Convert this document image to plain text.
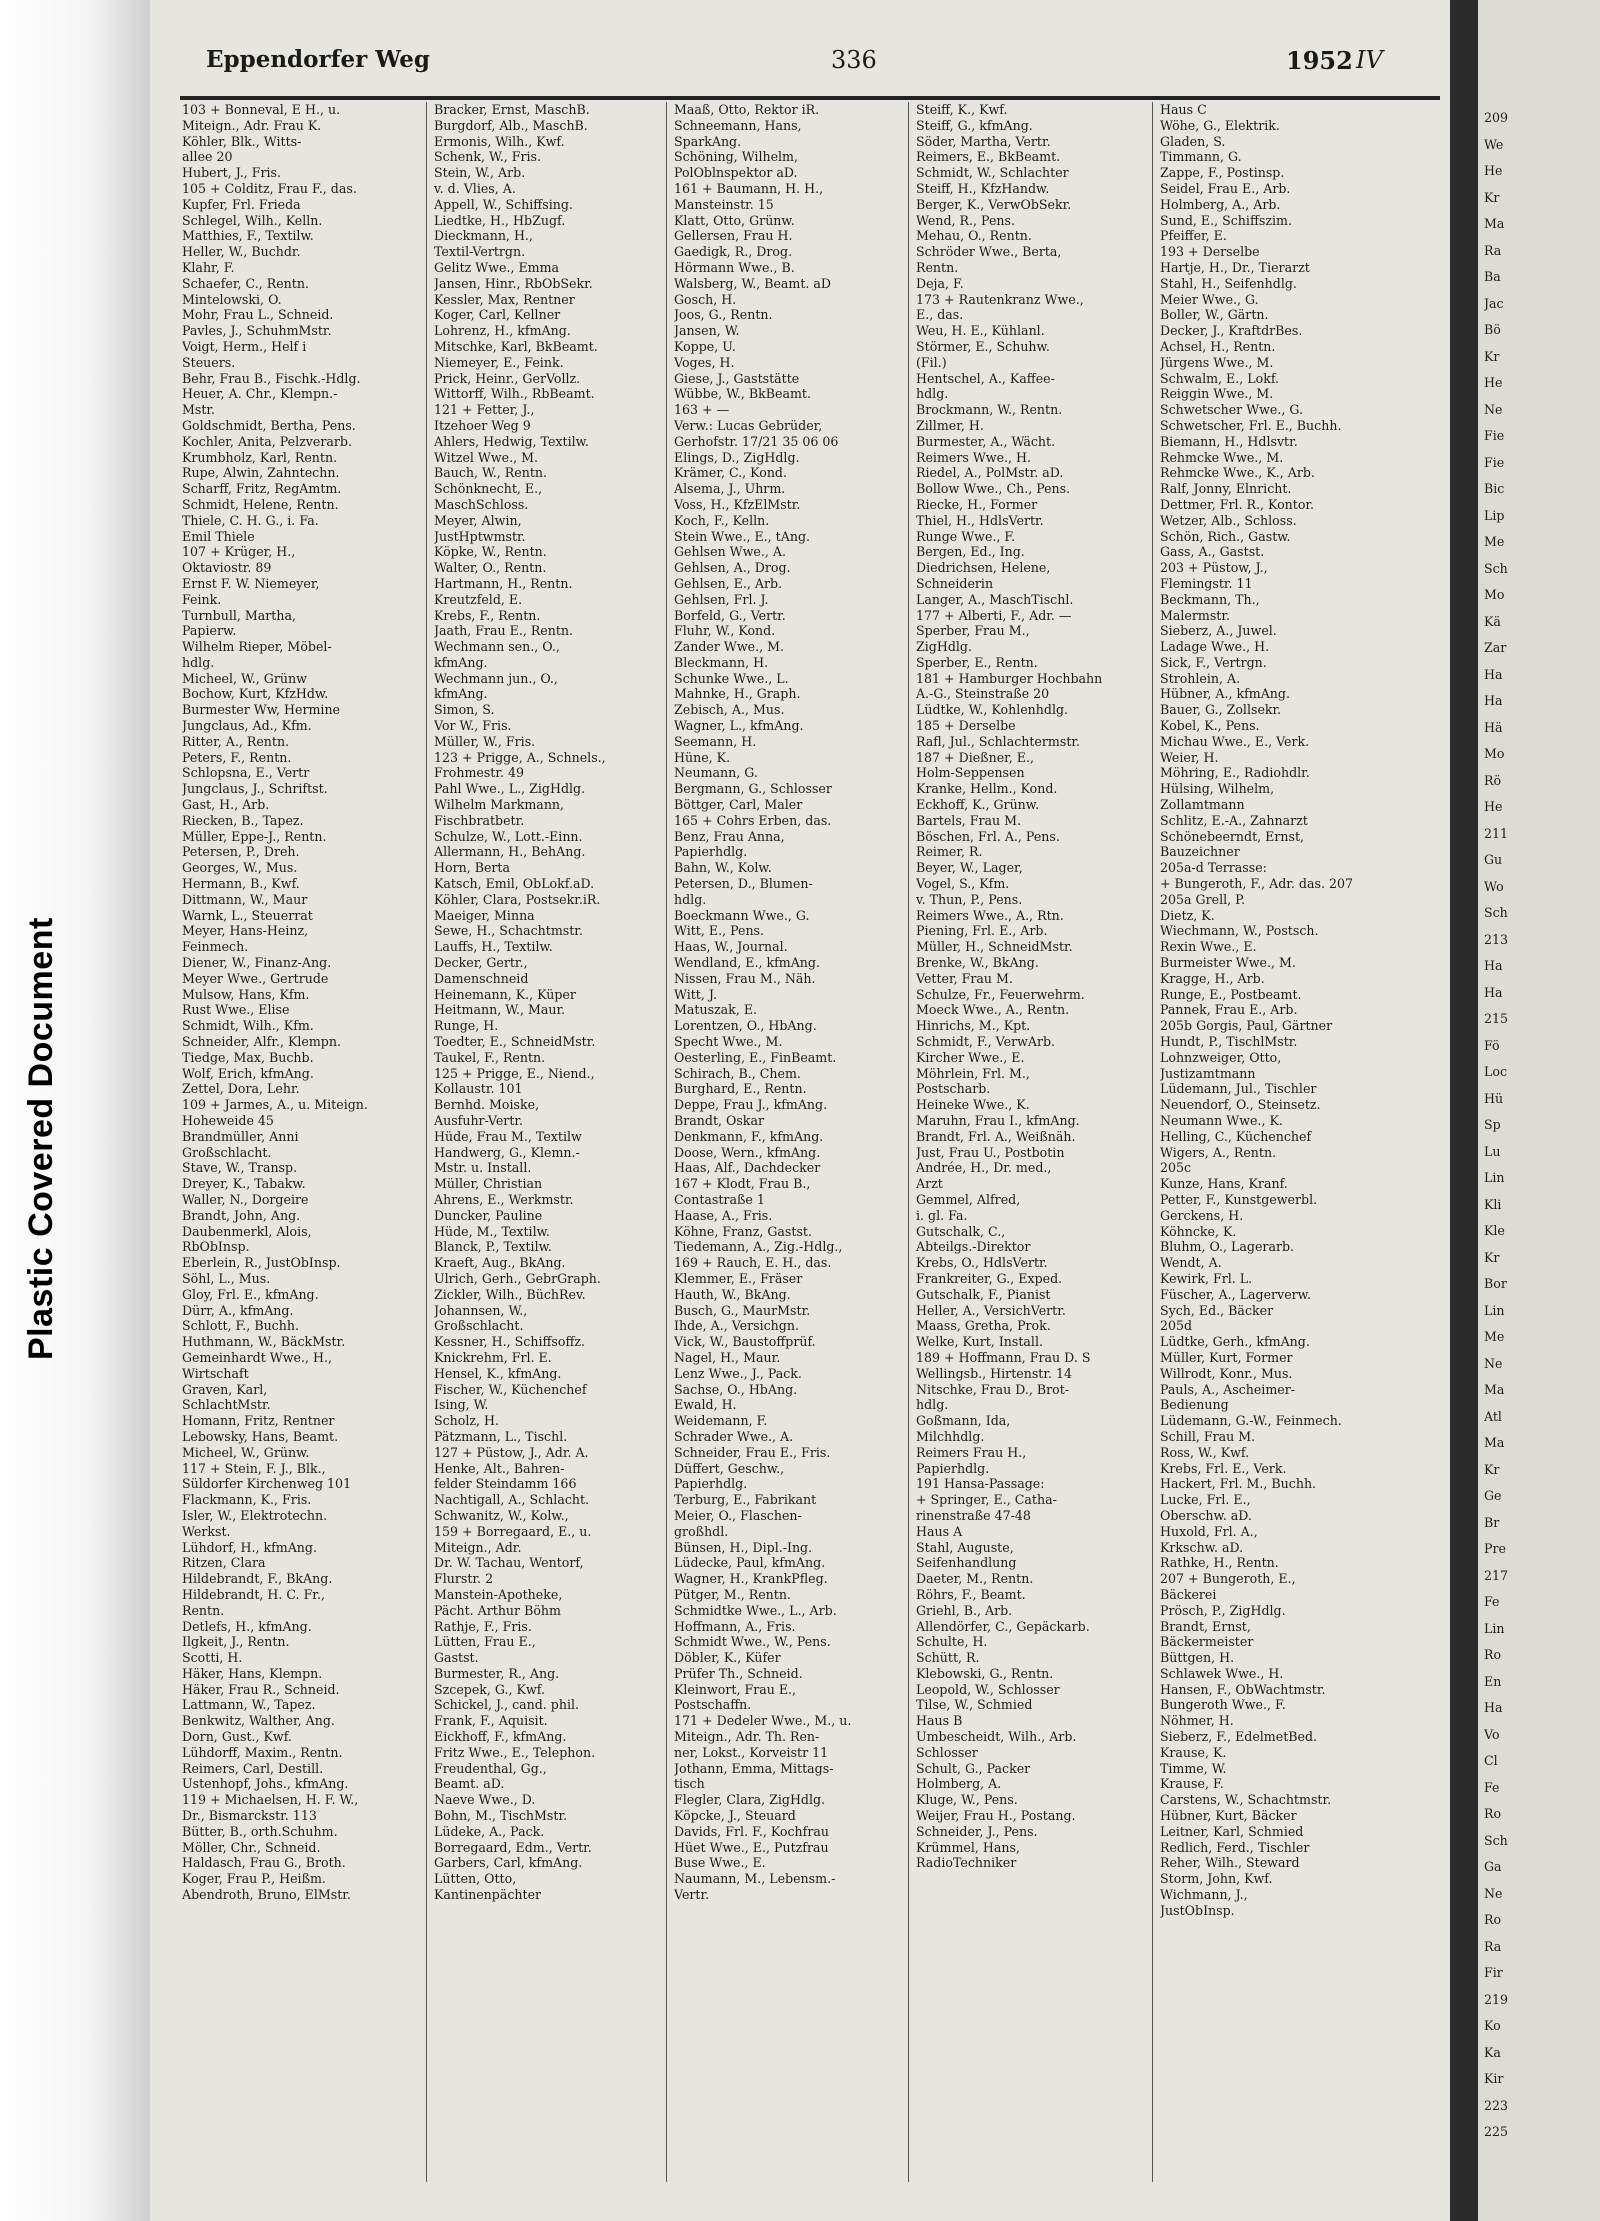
Plastic Covered Document
Eppendorfer Weg	336	1952 IV
103 + Bonneval, E H., u.
Miteign., Adr. Frau K.
Köhler, Blk., Witts-
allee 20
Hubert, J., Fris.
105 + Colditz, Frau F., das.
Kupfer, Frl. Frieda
Schlegel, Wilh., Kelln.
Matthies, F., Textilw.
Heller, W., Buchdr.
Klahr, F.
Schaefer, C., Rentn.
Mintelowski, O.
Mohr, Frau L., Schneid.
Pavles, J., SchuhmMstr.
Voigt, Herm., Helf i
Steuers.
Behr, Frau B., Fischk.-Hdlg.
Heuer, A. Chr., Klempn.-
Mstr.
Goldschmidt, Bertha, Pens.
Kochler, Anita, Pelzverarb.
Krumbholz, Karl, Rentn.
Rupe, Alwin, Zahntechn.
Scharff, Fritz, RegAmtm.
Schmidt, Helene, Rentn.
Thiele, C. H. G., i. Fa.
Emil Thiele
107 + Krüger, H.,
Oktaviostr. 89
Ernst F. W. Niemeyer,
Feink.
Turnbull, Martha,
Papierw.
Wilhelm Rieper, Möbel-
hdlg.
Micheel, W., Grünw
Bochow, Kurt, KfzHdw.
Burmester Ww, Hermine
Jungclaus, Ad., Kfm.
Ritter, A., Rentn.
Peters, F., Rentn.
Schlopsna, E., Vertr
Jungclaus, J., Schriftst.
Gast, H., Arb.
Riecken, B., Tapez.
Müller, Eppe-J., Rentn.
Petersen, P., Dreh.
Georges, W., Mus.
Hermann, B., Kwf.
Dittmann, W., Maur
Warnk, L., Steuerrat
Meyer, Hans-Heinz,
Feinmech.
Diener, W., Finanz-Ang.
Meyer Wwe., Gertrude
Mulsow, Hans, Kfm.
Rust Wwe., Elise
Schmidt, Wilh., Kfm.
Schneider, Alfr., Klempn.
Tiedge, Max, Buchb.
Wolf, Erich, kfmAng.
Zettel, Dora, Lehr.
109 + Jarmes, A., u. Miteign.
Hoheweide 45
Brandmüller, Anni
Großschlacht.
Stave, W., Transp.
Dreyer, K., Tabakw.
Waller, N., Dorgeire
Brandt, John, Ang.
Daubenmerkl, Alois,
RbObInsp.
Eberlein, R., JustObInsp.
Söhl, L., Mus.
Gloy, Frl. E., kfmAng.
Dürr, A., kfmAng.
Schlott, F., Buchh.
Huthmann, W., BäckMstr.
Gemeinhardt Wwe., H.,
Wirtschaft
Graven, Karl,
SchlachtMstr.
Homann, Fritz, Rentner
Lebowsky, Hans, Beamt.
Micheel, W., Grünw.
117 + Stein, F. J., Blk.,
Süldorfer Kirchenweg 101
Flackmann, K., Fris.
Isler, W., Elektrotechn.
Werkst.
Lühdorf, H., kfmAng.
Ritzen, Clara
Hildebrandt, F., BkAng.
Hildebrandt, H. C. Fr.,
Rentn.
Detlefs, H., kfmAng.
Ilgkeit, J., Rentn.
Scotti, H.
Häker, Hans, Klempn.
Häker, Frau R., Schneid.
Lattmann, W., Tapez.
Benkwitz, Walther, Ang.
Dorn, Gust., Kwf.
Lühdorff, Maxim., Rentn.
Reimers, Carl, Destill.
Ustenhopf, Johs., kfmAng.
119 + Michaelsen, H. F. W.,
Dr., Bismarckstr. 113
Bütter, B., orth.Schuhm.
Möller, Chr., Schneid.
Haldasch, Frau G., Broth.
Koger, Frau P., Heißm.
Abendroth, Bruno, ElMstr.
Bracker, Ernst, MaschB.
Burgdorf, Alb., MaschB.
Ermonis, Wilh., Kwf.
Schenk, W., Fris.
Stein, W., Arb.
v. d. Vlies, A.
Appell, W., Schiffsing.
Liedtke, H., HbZugf.
Dieckmann, H.,
Textil-Vertrgn.
Gelitz Wwe., Emma
Jansen, Hinr., RbObSekr.
Kessler, Max, Rentner
Koger, Carl, Kellner
Lohrenz, H., kfmAng.
Mitschke, Karl, BkBeamt.
Niemeyer, E., Feink.
Prick, Heinr., GerVollz.
Wittorff, Wilh., RbBeamt.
121 + Fetter, J.,
Itzehoer Weg 9
Ahlers, Hedwig, Textilw.
Witzel Wwe., M.
Bauch, W., Rentn.
Schönknecht, E.,
MaschSchloss.
Meyer, Alwin,
JustHptwmstr.
Köpke, W., Rentn.
Walter, O., Rentn.
Hartmann, H., Rentn.
Kreutzfeld, E.
Krebs, F., Rentn.
Jaath, Frau E., Rentn.
Wechmann sen., O.,
kfmAng.
Wechmann jun., O.,
kfmAng.
Simon, S.
Vor W., Fris.
Müller, W., Fris.
123 + Prigge, A., Schnels.,
Frohmestr. 49
Pahl Wwe., L., ZigHdlg.
Wilhelm Markmann,
Fischbratbetr.
Schulze, W., Lott.-Einn.
Allermann, H., BehAng.
Horn, Berta
Katsch, Emil, ObLokf.aD.
Köhler, Clara, Postsekr.iR.
Maeiger, Minna
Sewe, H., Schachtmstr.
Lauffs, H., Textilw.
Decker, Gertr.,
Damenschneid
Heinemann, K., Küper
Heitmann, W., Maur.
Runge, H.
Toedter, E., SchneidMstr.
Taukel, F., Rentn.
125 + Prigge, E., Niend.,
Kollaustr. 101
Bernhd. Moiske,
Ausfuhr-Vertr.
Hüde, Frau M., Textilw
Handwerg, G., Klemn.-
Mstr. u. Install.
Müller, Christian
Ahrens, E., Werkmstr.
Duncker, Pauline
Hüde, M., Textilw.
Blanck, P., Textilw.
Kraeft, Aug., BkAng.
Ulrich, Gerh., GebrGraph.
Zickler, Wilh., BüchRev.
Johannsen, W.,
Großschlacht.
Kessner, H., Schiffsoffz.
Knickrehm, Frl. E.
Hensel, K., kfmAng.
Fischer, W., Küchenchef
Ising, W.
Scholz, H.
Pätzmann, L., Tischl.
127 + Püstow, J., Adr. A.
Henke, Alt., Bahren-
felder Steindamm 166
Nachtigall, A., Schlacht.
Schwanitz, W., Kolw.,
159 + Borregaard, E., u.
Miteign., Adr.
Dr. W. Tachau, Wentorf,
Flurstr. 2
Manstein-Apotheke,
Pächt. Arthur Böhm
Rathje, F., Fris.
Lütten, Frau E.,
Gastst.
Burmester, R., Ang.
Szcepek, G., Kwf.
Schickel, J., cand. phil.
Frank, F., Aquisit.
Eickhoff, F., kfmAng.
Fritz Wwe., E., Telephon.
Freudenthal, Gg.,
Beamt. aD.
Naeve Wwe., D.
Bohn, M., TischMstr.
Lüdeke, A., Pack.
Borregaard, Edm., Vertr.
Garbers, Carl, kfmAng.
Lütten, Otto,
Kantinenpächter
Maaß, Otto, Rektor iR.
Schneemann, Hans,
SparkAng.
Schöning, Wilhelm,
PolOblnspektor aD.
161 + Baumann, H. H.,
Mansteinstr. 15
Klatt, Otto, Grünw.
Gellersen, Frau H.
Gaedigk, R., Drog.
Hörmann Wwe., B.
Walsberg, W., Beamt. aD
Gosch, H.
Joos, G., Rentn.
Jansen, W.
Koppe, U.
Voges, H.
Giese, J., Gaststätte
Wübbe, W., BkBeamt.
163 + —
Verw.: Lucas Gebrüder,
Gerhofstr. 17/21 35 06 06
Elings, D., ZigHdlg.
Krämer, C., Kond.
Alsema, J., Uhrm.
Voss, H., KfzElMstr.
Koch, F., Kelln.
Stein Wwe., E., tAng.
Gehlsen Wwe., A.
Gehlsen, A., Drog.
Gehlsen, E., Arb.
Gehlsen, Frl. J.
Borfeld, G., Vertr.
Fluhr, W., Kond.
Zander Wwe., M.
Bleckmann, H.
Schunke Wwe., L.
Mahnke, H., Graph.
Zebisch, A., Mus.
Wagner, L., kfmAng.
Seemann, H.
Hüne, K.
Neumann, G.
Bergmann, G., Schlosser
Böttger, Carl, Maler
165 + Cohrs Erben, das.
Benz, Frau Anna,
Papierhdlg.
Bahn, W., Kolw.
Petersen, D., Blumen-
hdlg.
Boeckmann Wwe., G.
Witt, E., Pens.
Haas, W., Journal.
Wendland, E., kfmAng.
Nissen, Frau M., Näh.
Witt, J.
Matuszak, E.
Lorentzen, O., HbAng.
Specht Wwe., M.
Oesterling, E., FinBeamt.
Schirach, B., Chem.
Burghard, E., Rentn.
Deppe, Frau J., kfmAng.
Brandt, Oskar
Denkmann, F., kfmAng.
Doose, Wern., kfmAng.
Haas, Alf., Dachdecker
167 + Klodt, Frau B.,
Contastraße 1
Haase, A., Fris.
Köhne, Franz, Gastst.
Tiedemann, A., Zig.-Hdlg.,
169 + Rauch, E. H., das.
Klemmer, E., Fräser
Hauth, W., BkAng.
Busch, G., MaurMstr.
Ihde, A., Versichgn.
Vick, W., Baustoffprüf.
Nagel, H., Maur.
Lenz Wwe., J., Pack.
Sachse, O., HbAng.
Ewald, H.
Weidemann, F.
Schrader Wwe., A.
Schneider, Frau E., Fris.
Düffert, Geschw.,
Papierhdlg.
Terburg, E., Fabrikant
Meier, O., Flaschen-
großhdl.
Bünsen, H., Dipl.-Ing.
Lüdecke, Paul, kfmAng.
Wagner, H., KrankPfleg.
Pütger, M., Rentn.
Schmidtke Wwe., L., Arb.
Hoffmann, A., Fris.
Schmidt Wwe., W., Pens.
Döbler, K., Küfer
Prüfer Th., Schneid.
Kleinwort, Frau E.,
Postschaffn.
171 + Dedeler Wwe., M., u.
Miteign., Adr. Th. Ren-
ner, Lokst., Korveistr 11
Jothann, Emma, Mittags-
tisch
Flegler, Clara, ZigHdlg.
Köpcke, J., Steuard
Davids, Frl. F., Kochfrau
Hüet Wwe., E., Putzfrau
Buse Wwe., E.
Naumann, M., Lebensm.-
Vertr.
Steiff, K., Kwf.
Steiff, G., kfmAng.
Söder, Martha, Vertr.
Reimers, E., BkBeamt.
Schmidt, W., Schlachter
Steiff, H., KfzHandw.
Berger, K., VerwObSekr.
Wend, R., Pens.
Mehau, O., Rentn.
Schröder Wwe., Berta,
Rentn.
Deja, F.
173 + Rautenkranz Wwe.,
E., das.
Weu, H. E., Kühlanl.
Störmer, E., Schuhw.
(Fil.)
Hentschel, A., Kaffee-
hdlg.
Brockmann, W., Rentn.
Zillmer, H.
Burmester, A., Wächt.
Reimers Wwe., H.
Riedel, A., PolMstr. aD.
Bollow Wwe., Ch., Pens.
Riecke, H., Former
Thiel, H., HdlsVertr.
Runge Wwe., F.
Bergen, Ed., Ing.
Diedrichsen, Helene,
Schneiderin
Langer, A., MaschTischl.
177 + Alberti, F., Adr. —
Sperber, Frau M.,
ZigHdlg.
Sperber, E., Rentn.
181 + Hamburger Hochbahn
A.-G., Steinstraße 20
Lüdtke, W., Kohlenhdlg.
185 + Derselbe
Rafl, Jul., Schlachtermstr.
187 + Dießner, E.,
Holm-Seppensen
Kranke, Hellm., Kond.
Eckhoff, K., Grünw.
Bartels, Frau M.
Böschen, Frl. A., Pens.
Reimer, R.
Beyer, W., Lager,
Vogel, S., Kfm.
v. Thun, P., Pens.
Reimers Wwe., A., Rtn.
Piening, Frl. E., Arb.
Müller, H., SchneidMstr.
Brenke, W., BkAng.
Vetter, Frau M.
Schulze, Fr., Feuerwehrm.
Moeck Wwe., A., Rentn.
Hinrichs, M., Kpt.
Schmidt, F., VerwArb.
Kircher Wwe., E.
Möhrlein, Frl. M.,
Postscharb.
Heineke Wwe., K.
Maruhn, Frau I., kfmAng.
Brandt, Frl. A., Weißnäh.
Just, Frau U., Postbotin
Andrée, H., Dr. med.,
Arzt
Gemmel, Alfred,
i. gl. Fa.
Gutschalk, C.,
Abteilgs.-Direktor
Krebs, O., HdlsVertr.
Frankreiter, G., Exped.
Gutschalk, F., Pianist
Heller, A., VersichVertr.
Maass, Gretha, Prok.
Welke, Kurt, Install.
189 + Hoffmann, Frau D. S
Wellingsb., Hirtenstr. 14
Nitschke, Frau D., Brot-
hdlg.
Goßmann, Ida,
Milchhdlg.
Reimers Frau H.,
Papierhdlg.
191 Hansa-Passage:
+ Springer, E., Catha-
rinenstraße 47-48
Haus A
Stahl, Auguste,
Seifenhandlung
Daeter, M., Rentn.
Röhrs, F., Beamt.
Griehl, B., Arb.
Allendörfer, C., Gepäckarb.
Schulte, H.
Schütt, R.
Klebowski, G., Rentn.
Leopold, W., Schlosser
Tilse, W., Schmied
Haus B
Umbescheidt, Wilh., Arb.
Schlosser
Schult, G., Packer
Holmberg, A.
Kluge, W., Pens.
Weijer, Frau H., Postang.
Schneider, J., Pens.
Krümmel, Hans,
RadioTechniker
Haus C
Wöhe, G., Elektrik.
Gladen, S.
Timmann, G.
Zappe, F., Postinsp.
Seidel, Frau E., Arb.
Holmberg, A., Arb.
Sund, E., Schiffszim.
Pfeiffer, E.
193 + Derselbe
Hartje, H., Dr., Tierarzt
Stahl, H., Seifenhdlg.
Meier Wwe., G.
Boller, W., Gärtn.
Decker, J., KraftdrBes.
Achsel, H., Rentn.
Jürgens Wwe., M.
Schwalm, E., Lokf.
Reiggin Wwe., M.
Schwetscher Wwe., G.
Schwetscher, Frl. E., Buchh.
Biemann, H., Hdlsvtr.
Rehmcke Wwe., M.
Rehmcke Wwe., K., Arb.
Ralf, Jonny, Elnricht.
Dettmer, Frl. R., Kontor.
Wetzer, Alb., Schloss.
Schön, Rich., Gastw.
Gass, A., Gastst.
203 + Püstow, J.,
Flemingstr. 11
Beckmann, Th.,
Malermstr.
Sieberz, A., Juwel.
Ladage Wwe., H.
Sick, F., Vertrgn.
Strohlein, A.
Hübner, A., kfmAng.
Bauer, G., Zollsekr.
Kobel, K., Pens.
Michau Wwe., E., Verk.
Weier, H.
Möhring, E., Radiohdlr.
Hülsing, Wilhelm,
Zollamtmann
Schlitz, E.-A., Zahnarzt
Schönebeerndt, Ernst,
Bauzeichner
205a-d Terrasse:
+ Bungeroth, F., Adr. das. 207
205a Grell, P.
Dietz, K.
Wiechmann, W., Postsch.
Rexin Wwe., E.
Burmeister Wwe., M.
Kragge, H., Arb.
Runge, E., Postbeamt.
Pannek, Frau E., Arb.
205b Gorgis, Paul, Gärtner
Hundt, P., TischlMstr.
Lohnzweiger, Otto,
Justizamtmann
Lüdemann, Jul., Tischler
Neuendorf, O., Steinsetz.
Neumann Wwe., K.
Helling, C., Küchenchef
Wigers, A., Rentn.
205c
Kunze, Hans, Kranf.
Petter, F., Kunstgewerbl.
Gerckens, H.
Köhncke, K.
Bluhm, O., Lagerarb.
Wendt, A.
Kewirk, Frl. L.
Füscher, A., Lagerverw.
Sych, Ed., Bäcker
205d
Lüdtke, Gerh., kfmAng.
Müller, Kurt, Former
Willrodt, Konr., Mus.
Pauls, A., Ascheimer-
Bedienung
Lüdemann, G.-W., Feinmech.
Schill, Frau M.
Ross, W., Kwf.
Krebs, Frl. E., Verk.
Hackert, Frl. M., Buchh.
Lucke, Frl. E.,
Oberschw. aD.
Huxold, Frl. A.,
Krkschw. aD.
Rathke, H., Rentn.
207 + Bungeroth, E.,
Bäckerei
Prösch, P., ZigHdlg.
Brandt, Ernst,
Bäckermeister
Büttgen, H.
Schlawek Wwe., H.
Hansen, F., ObWachtmstr.
Bungeroth Wwe., F.
Nöhmer, H.
Sieberz, F., EdelmetBed.
Krause, K.
Timme, W.
Krause, F.
Carstens, W., Schachtmstr.
Hübner, Kurt, Bäcker
Leitner, Karl, Schmied
Redlich, Ferd., Tischler
Reher, Wilh., Steward
Storm, John, Kwf.
Wichmann, J.,
JustObInsp.
209
We
He
Kr
Ma
Ra
Ba
Jac
Bö
Kr
He
Ne
Fie
Fie
Bic
Lip
Me
Sch
Mo
Kä
Zar
Ha
Ha
Hä
Mo
Rö
He
211
Gu
Wo
Sch
213
Ha
Ha
215
Fö
Loc
Hü
Sp
Lu
Lin
Kli
Kle
Kr
Bor
Lin
Me
Ne
Ma
Atl
Ma
Kr
Ge
Br
Pre
217
Fe
Lin
Ro
En
Ha
Vo
Cl
Fe
Ro
Sch
Ga
Ne
Ro
Ra
Fir
219
Ko
Ka
Kir
223
225
